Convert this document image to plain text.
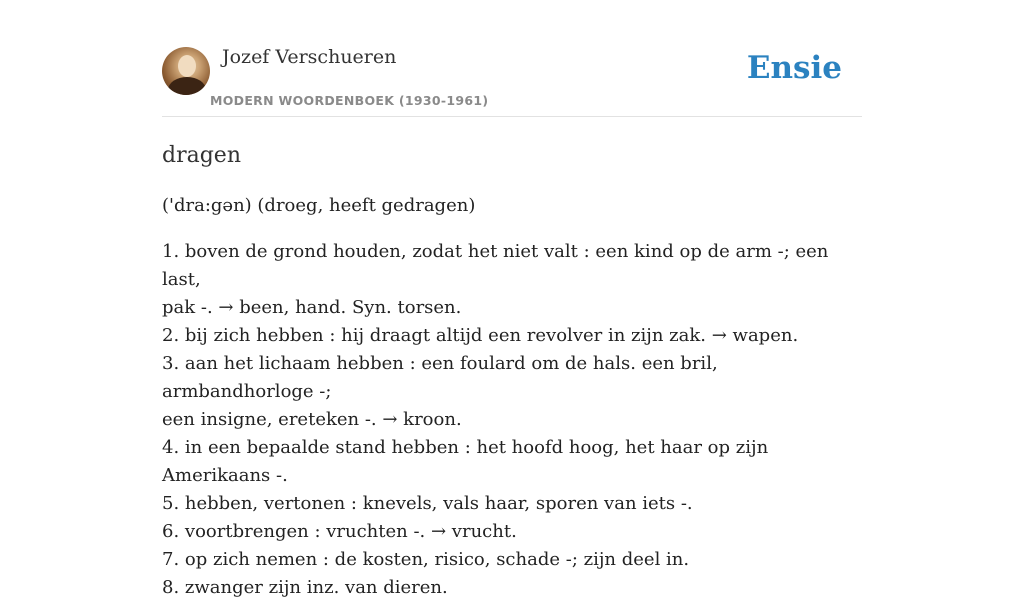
Jozef Verschueren
MODERN WOORDENBOEK (1930-1961)
Ensie
dragen
('dra:gən) (droeg, heeft gedragen)
1. boven de grond houden, zodat het niet valt : een kind op de arm -; een last,
pak -. → been, hand. Syn. torsen.
2. bij zich hebben : hij draagt altijd een revolver in zijn zak. → wapen.
3. aan het lichaam hebben : een foulard om de hals. een bril, armbandhorloge -;
een insigne, ereteken -. → kroon.
4. in een bepaalde stand hebben : het hoofd hoog, het haar op zijn Amerikaans -.
5. hebben, vertonen : knevels, vals haar, sporen van iets -.
6. voortbrengen : vruchten -. → vrucht.
7. op zich nemen : de kosten, risico, schade -; zijn deel in.
8. zwanger zijn inz. van dieren.
